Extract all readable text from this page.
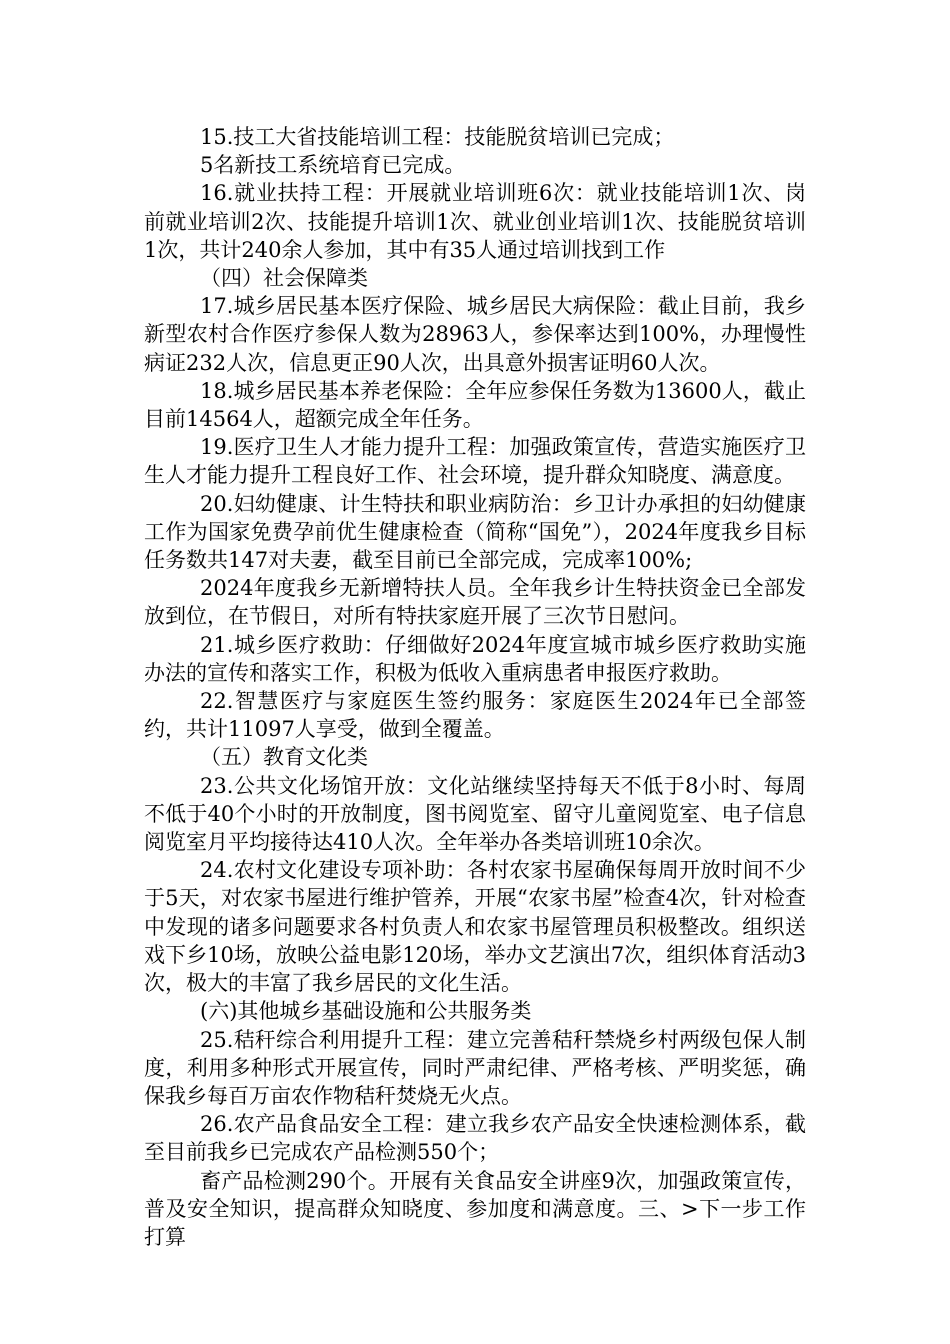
15.技工大省技能培训工程：技能脱贫培训已完成；

5名新技工系统培育已完成。

16.就业扶持工程：开展就业培训班6次：就业技能培训1次、岗前就业培训2次、技能提升培训1次、就业创业培训1次、技能脱贫培训1次，共计240余人参加，其中有35人通过培训找到工作

（四）社会保障类

17.城乡居民基本医疗保险、城乡居民大病保险：截止目前，我乡新型农村合作医疗参保人数为28963人，参保率达到100%，办理慢性病证232人次，信息更正90人次，出具意外损害证明60人次。

18.城乡居民基本养老保险：全年应参保任务数为13600人，截止目前14564人，超额完成全年任务。

19.医疗卫生人才能力提升工程：加强政策宣传，营造实施医疗卫生人才能力提升工程良好工作、社会环境，提升群众知晓度、满意度。

20.妇幼健康、计生特扶和职业病防治：乡卫计办承担的妇幼健康工作为国家免费孕前优生健康检查（简称“国免”），2024年度我乡目标任务数共147对夫妻，截至目前已全部完成，完成率100%;

2024年度我乡无新增特扶人员。全年我乡计生特扶资金已全部发放到位，在节假日，对所有特扶家庭开展了三次节日慰问。

21.城乡医疗救助：仔细做好2024年度宣城市城乡医疗救助实施办法的宣传和落实工作，积极为低收入重病患者申报医疗救助。

22.智慧医疗与家庭医生签约服务：家庭医生2024年已全部签约，共计11097人享受，做到全覆盖。

（五）教育文化类

23.公共文化场馆开放：文化站继续坚持每天不低于8小时、每周不低于40个小时的开放制度，图书阅览室、留守儿童阅览室、电子信息阅览室月平均接待达410人次。全年举办各类培训班10余次。

24.农村文化建设专项补助：各村农家书屋确保每周开放时间不少于5天，对农家书屋进行维护管养，开展“农家书屋”检查4次，针对检查中发现的诸多问题要求各村负责人和农家书屋管理员积极整改。组织送戏下乡10场，放映公益电影120场，举办文艺演出7次，组织体育活动3次，极大的丰富了我乡居民的文化生活。

(六)其他城乡基础设施和公共服务类

25.秸秆综合利用提升工程：建立完善秸秆禁烧乡村两级包保人制度，利用多种形式开展宣传，同时严肃纪律、严格考核、严明奖惩，确保我乡每百万亩农作物秸秆焚烧无火点。

26.农产品食品安全工程：建立我乡农产品安全快速检测体系，截至目前我乡已完成农产品检测550个；

畜产品检测290个。开展有关食品安全讲座9次，加强政策宣传，普及安全知识，提高群众知晓度、参加度和满意度。三、>下一步工作打算
